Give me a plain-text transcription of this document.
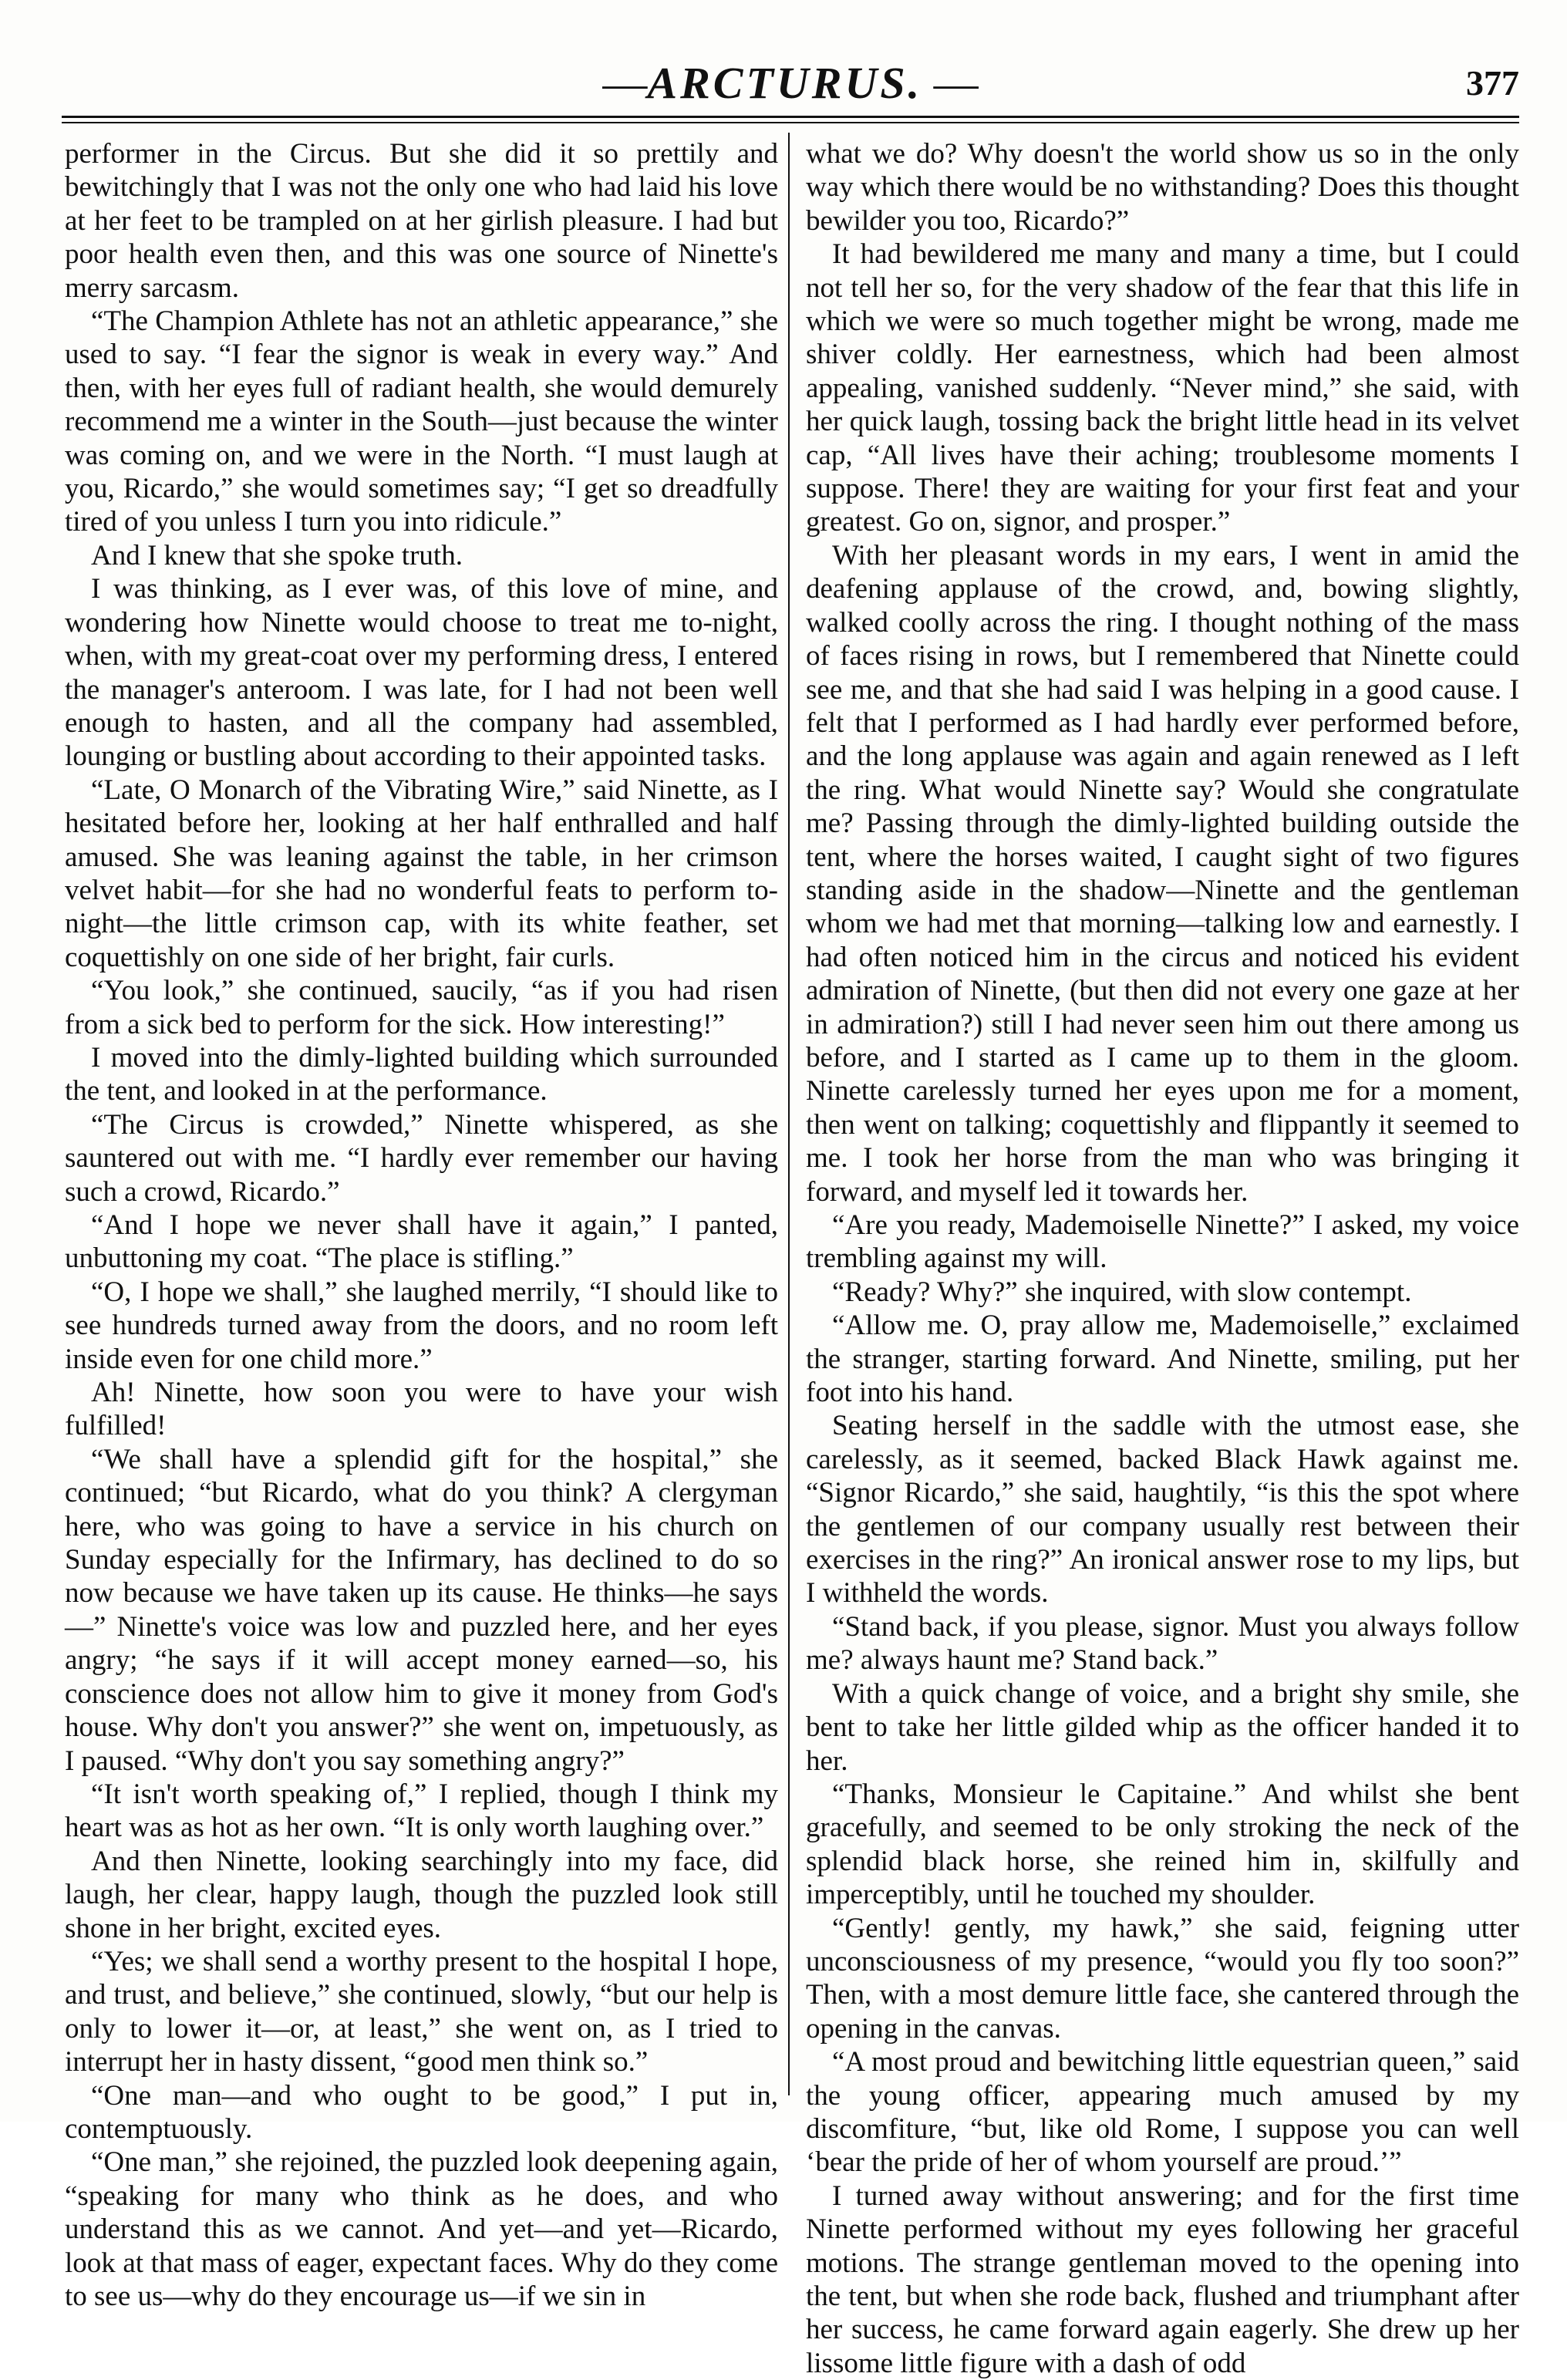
—ARCTURUS. —	377

performer in the Circus. But she did it so prettily and bewitchingly that I was not the only one who had laid his love at her feet to be trampled on at her girlish pleasure. I had but poor health even then, and this was one source of Ninette's merry sarcasm.

“The Champion Athlete has not an athletic appearance,” she used to say. “I fear the signor is weak in every way.” And then, with her eyes full of radiant health, she would demurely recommend me a winter in the South—just because the winter was coming on, and we were in the North. “I must laugh at you, Ricardo,” she would sometimes say; “I get so dreadfully tired of you unless I turn you into ridicule.”

And I knew that she spoke truth.

I was thinking, as I ever was, of this love of mine, and wondering how Ninette would choose to treat me to-night, when, with my great-coat over my performing dress, I entered the manager's anteroom. I was late, for I had not been well enough to hasten, and all the company had assembled, lounging or bustling about according to their appointed tasks.

“Late, O Monarch of the Vibrating Wire,” said Ninette, as I hesitated before her, looking at her half enthralled and half amused. She was leaning against the table, in her crimson velvet habit—for she had no wonderful feats to perform to-night—the little crimson cap, with its white feather, set coquettishly on one side of her bright, fair curls.

“You look,” she continued, saucily, “as if you had risen from a sick bed to perform for the sick. How interesting!”

I moved into the dimly-lighted building which surrounded the tent, and looked in at the performance.

“The Circus is crowded,” Ninette whispered, as she sauntered out with me. “I hardly ever remember our having such a crowd, Ricardo.”

“And I hope we never shall have it again,” I panted, unbuttoning my coat. “The place is stifling.”

“O, I hope we shall,” she laughed merrily, “I should like to see hundreds turned away from the doors, and no room left inside even for one child more.”

Ah! Ninette, how soon you were to have your wish fulfilled!

“We shall have a splendid gift for the hospital,” she continued; “but Ricardo, what do you think? A clergyman here, who was going to have a service in his church on Sunday especially for the Infirmary, has declined to do so now because we have taken up its cause. He thinks—he says—” Ninette's voice was low and puzzled here, and her eyes angry; “he says if it will accept money earned—so, his conscience does not allow him to give it money from God's house. Why don't you answer?” she went on, impetuously, as I paused. “Why don't you say something angry?”

“It isn't worth speaking of,” I replied, though I think my heart was as hot as her own. “It is only worth laughing over.”

And then Ninette, looking searchingly into my face, did laugh, her clear, happy laugh, though the puzzled look still shone in her bright, excited eyes.

“Yes; we shall send a worthy present to the hospital I hope, and trust, and believe,” she continued, slowly, “but our help is only to lower it—or, at least,” she went on, as I tried to interrupt her in hasty dissent, “good men think so.”

“One man—and who ought to be good,” I put in, contemptuously.

“One man,” she rejoined, the puzzled look deepening again, “speaking for many who think as he does, and who understand this as we cannot. And yet—and yet—Ricardo, look at that mass of eager, expectant faces. Why do they come to see us—why do they encourage us—if we sin in

what we do? Why doesn't the world show us so in the only way which there would be no withstanding? Does this thought bewilder you too, Ricardo?”

It had bewildered me many and many a time, but I could not tell her so, for the very shadow of the fear that this life in which we were so much together might be wrong, made me shiver coldly. Her earnestness, which had been almost appealing, vanished suddenly. “Never mind,” she said, with her quick laugh, tossing back the bright little head in its velvet cap, “All lives have their aching; troublesome moments I suppose. There! they are waiting for your first feat and your greatest. Go on, signor, and prosper.”

With her pleasant words in my ears, I went in amid the deafening applause of the crowd, and, bowing slightly, walked coolly across the ring. I thought nothing of the mass of faces rising in rows, but I remembered that Ninette could see me, and that she had said I was helping in a good cause. I felt that I performed as I had hardly ever performed before, and the long applause was again and again renewed as I left the ring. What would Ninette say? Would she congratulate me? Passing through the dimly-lighted building outside the tent, where the horses waited, I caught sight of two figures standing aside in the shadow—Ninette and the gentleman whom we had met that morning—talking low and earnestly. I had often noticed him in the circus and noticed his evident admiration of Ninette, (but then did not every one gaze at her in admiration?) still I had never seen him out there among us before, and I started as I came up to them in the gloom. Ninette carelessly turned her eyes upon me for a moment, then went on talking; coquettishly and flippantly it seemed to me. I took her horse from the man who was bringing it forward, and myself led it towards her.

“Are you ready, Mademoiselle Ninette?” I asked, my voice trembling against my will.

“Ready? Why?” she inquired, with slow contempt.

“Allow me. O, pray allow me, Mademoiselle,” exclaimed the stranger, starting forward. And Ninette, smiling, put her foot into his hand.

Seating herself in the saddle with the utmost ease, she carelessly, as it seemed, backed Black Hawk against me. “Signor Ricardo,” she said, haughtily, “is this the spot where the gentlemen of our company usually rest between their exercises in the ring?” An ironical answer rose to my lips, but I withheld the words.

“Stand back, if you please, signor. Must you always follow me? always haunt me? Stand back.”

With a quick change of voice, and a bright shy smile, she bent to take her little gilded whip as the officer handed it to her.

“Thanks, Monsieur le Capitaine.” And whilst she bent gracefully, and seemed to be only stroking the neck of the splendid black horse, she reined him in, skilfully and imperceptibly, until he touched my shoulder.

“Gently! gently, my hawk,” she said, feigning utter unconsciousness of my presence, “would you fly too soon?” Then, with a most demure little face, she cantered through the opening in the canvas.

“A most proud and bewitching little equestrian queen,” said the young officer, appearing much amused by my discomfiture, “but, like old Rome, I suppose you can well ‘bear the pride of her of whom yourself are proud.’”

I turned away without answering; and for the first time Ninette performed without my eyes following her graceful motions. The strange gentleman moved to the opening into the tent, but when she rode back, flushed and triumphant after her success, he came forward again eagerly. She drew up her lissome little figure with a dash of odd
